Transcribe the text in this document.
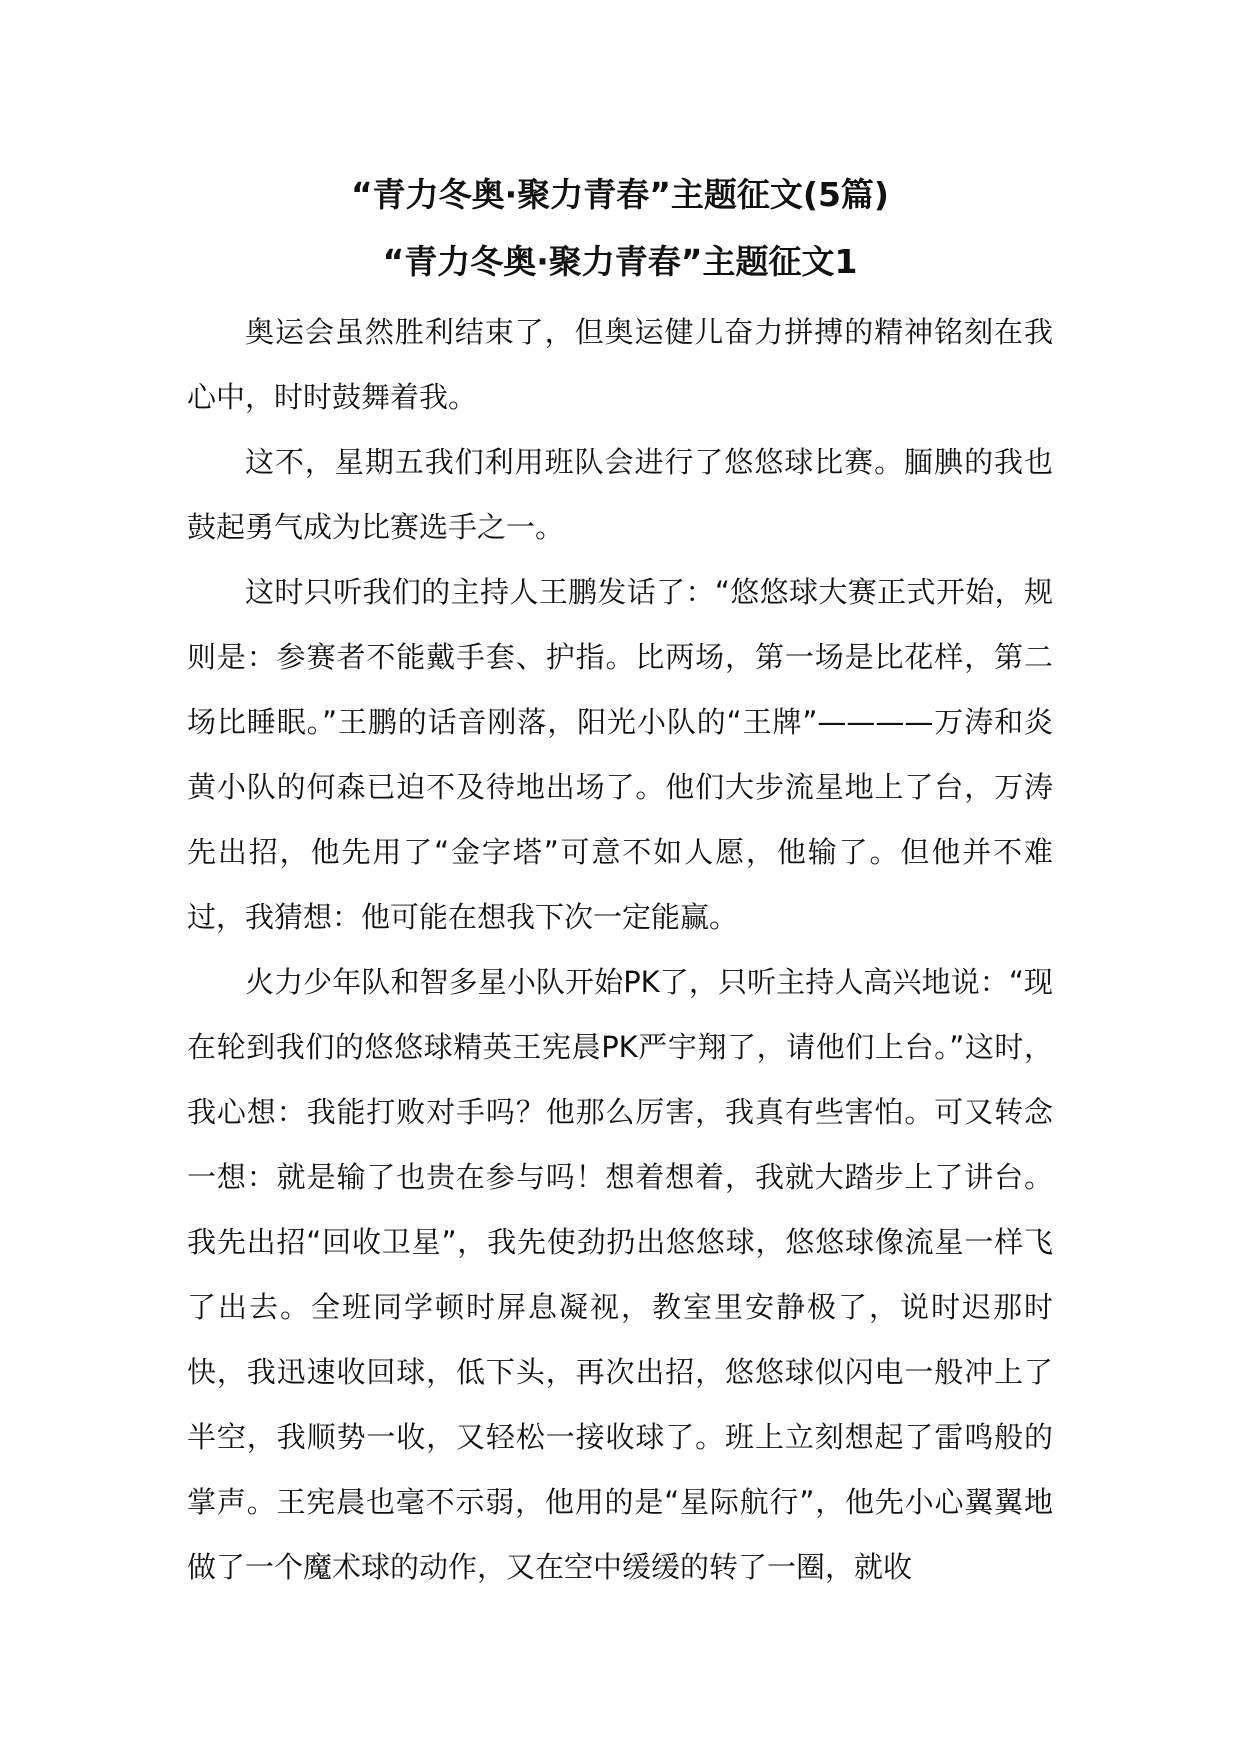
“青力冬奥·聚力青春”主题征文(5篇)
“青力冬奥·聚力青春”主题征文1

奥运会虽然胜利结束了，但奥运健儿奋力拼搏的精神铭刻在我心中，时时鼓舞着我。

这不，星期五我们利用班队会进行了悠悠球比赛。腼腆的我也鼓起勇气成为比赛选手之一。

这时只听我们的主持人王鹏发话了：“悠悠球大赛正式开始，规则是：参赛者不能戴手套、护指。比两场，第一场是比花样，第二场比睡眠。”王鹏的话音刚落，阳光小队的“王牌”————万涛和炎黄小队的何森已迫不及待地出场了。他们大步流星地上了台，万涛先出招，他先用了“金字塔”可意不如人愿，他输了。但他并不难过，我猜想：他可能在想我下次一定能赢。

火力少年队和智多星小队开始PK了，只听主持人高兴地说：“现在轮到我们的悠悠球精英王宪晨PK严宇翔了，请他们上台。”这时，我心想：我能打败对手吗？他那么厉害，我真有些害怕。可又转念一想：就是输了也贵在参与吗！想着想着，我就大踏步上了讲台。我先出招“回收卫星”，我先使劲扔出悠悠球，悠悠球像流星一样飞了出去。全班同学顿时屏息凝视，教室里安静极了，说时迟那时快，我迅速收回球，低下头，再次出招，悠悠球似闪电一般冲上了半空，我顺势一收，又轻松一接收球了。班上立刻想起了雷鸣般的掌声。王宪晨也毫不示弱，他用的是“星际航行”，他先小心翼翼地做了一个魔术球的动作，又在空中缓缓的转了一圈，就收
